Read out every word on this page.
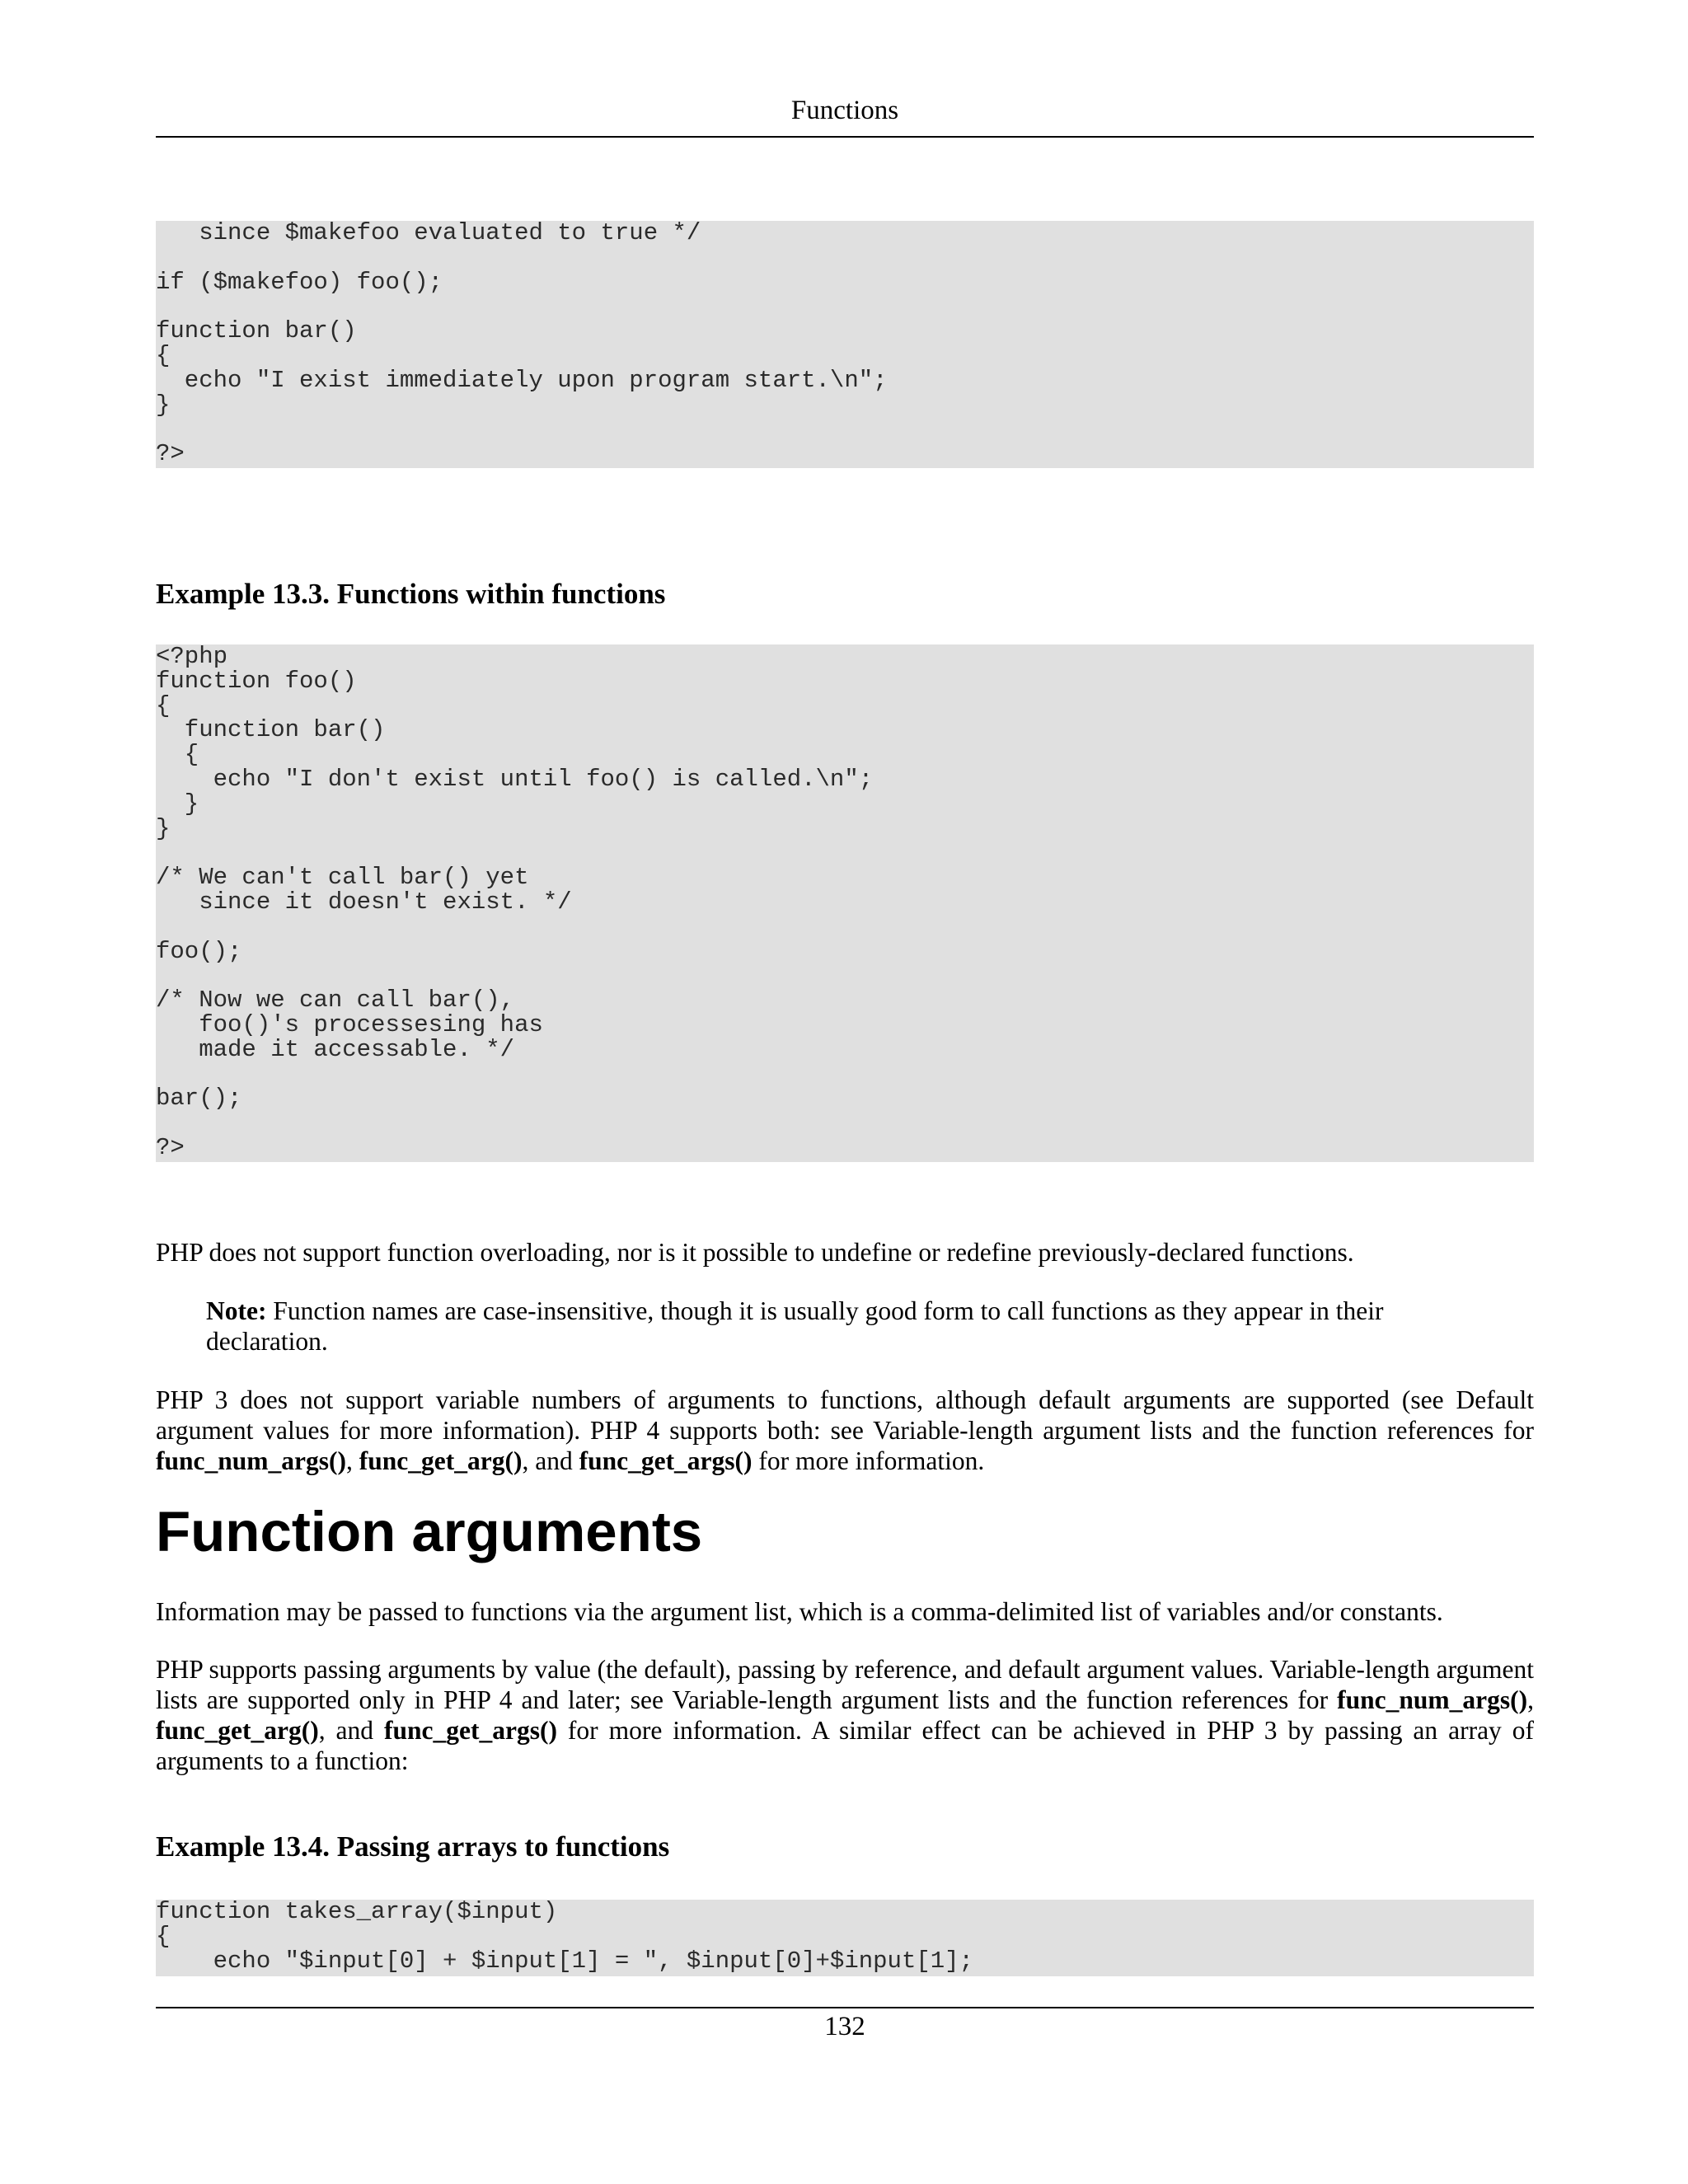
Functions
since $makefoo evaluated to true */
if ($makefoo) foo();
function bar()
{
echo "I exist immediately upon program start.\n";
}
?>
Example 13.3. Functions within functions
<?php
function foo()
{
function bar()
{
echo "I don't exist until foo() is called.\n";
}
}
/* We can't call bar() yet
since it doesn't exist. */
foo();
/* Now we can call bar(),
foo()'s processesing has
made it accessable. */
bar();
?>
PHP does not support function overloading, nor is it possible to undefine or redefine previously-declared functions.
Note: Function names are case-insensitive, though it is usually good form to call functions as they appear in their declaration.
PHP 3 does not support variable numbers of arguments to functions, although default arguments are supported (see Default argument values for more information). PHP 4 supports both: see Variable-length argument lists and the function references for func_num_args(), func_get_arg(), and func_get_args() for more information.
Function arguments
Information may be passed to functions via the argument list, which is a comma-delimited list of variables and/or constants.
PHP supports passing arguments by value (the default), passing by reference, and default argument values. Variable-length argument lists are supported only in PHP 4 and later; see Variable-length argument lists and the function references for func_num_args(), func_get_arg(), and func_get_args() for more information. A similar effect can be achieved in PHP 3 by passing an array of arguments to a function:
Example 13.4. Passing arrays to functions
function takes_array($input)
{
echo "$input[0] + $input[1] = ", $input[0]+$input[1];
132
